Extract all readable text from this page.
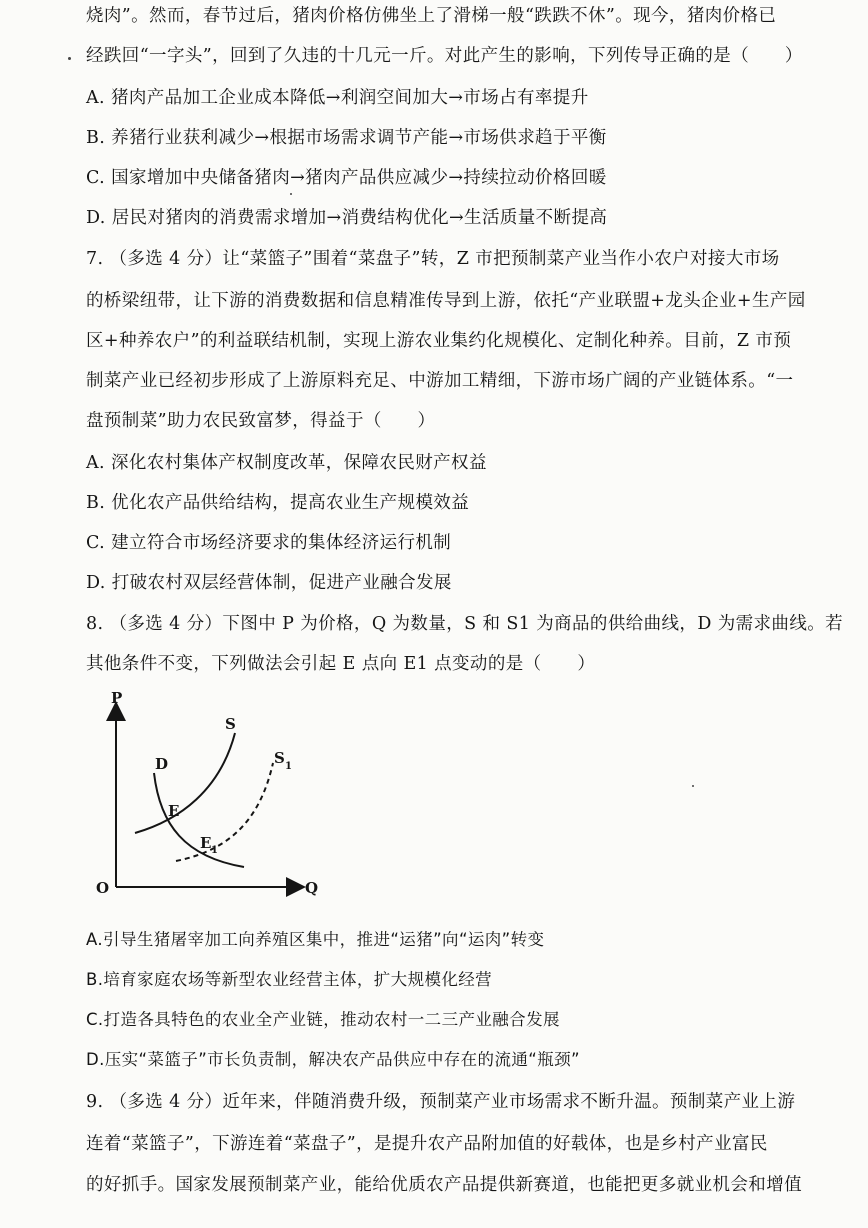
烧肉”。然而，春节过后，猪肉价格仿佛坐上了滑梯一般“跌跌不休”。现今，猪肉价格已
经跌回“一字头”，回到了久违的十几元一斤。对此产生的影响，下列传导正确的是（　　）
A. 猪肉产品加工企业成本降低→利润空间加大→市场占有率提升
B. 养猪行业获利减少→根据市场需求调节产能→市场供求趋于平衡
C. 国家增加中央储备猪肉→猪肉产品供应减少→持续拉动价格回暖
D. 居民对猪肉的消费需求增加→消费结构优化→生活质量不断提高
7. （多选 4 分）让“菜篮子”围着“菜盘子”转，Z 市把预制菜产业当作小农户对接大市场
的桥梁纽带，让下游的消费数据和信息精准传导到上游，依托“产业联盟+龙头企业+生产园
区+种养农户”的利益联结机制，实现上游农业集约化规模化、定制化种养。目前，Z 市预
制菜产业已经初步形成了上游原料充足、中游加工精细，下游市场广阔的产业链体系。“一
盘预制菜”助力农民致富梦，得益于（　　）
A. 深化农村集体产权制度改革，保障农民财产权益
B. 优化农产品供给结构，提高农业生产规模效益
C. 建立符合市场经济要求的集体经济运行机制
D. 打破农村双层经营体制，促进产业融合发展
8. （多选 4 分）下图中 P 为价格，Q 为数量，S 和 S1 为商品的供给曲线，D 为需求曲线。若
其他条件不变，下列做法会引起 E 点向 E1 点变动的是（　　）
P
Q
O
S
D
E
S 1
E 1
A.引导生猪屠宰加工向养殖区集中，推进“运猪”向“运肉”转变
B.培育家庭农场等新型农业经营主体，扩大规模化经营
C.打造各具特色的农业全产业链，推动农村一二三产业融合发展
D.压实“菜篮子”市长负责制，解决农产品供应中存在的流通“瓶颈”
9. （多选 4 分）近年来，伴随消费升级，预制菜产业市场需求不断升温。预制菜产业上游
连着“菜篮子”，下游连着“菜盘子”，是提升农产品附加值的好载体，也是乡村产业富民
的好抓手。国家发展预制菜产业，能给优质农产品提供新赛道，也能把更多就业机会和增值
